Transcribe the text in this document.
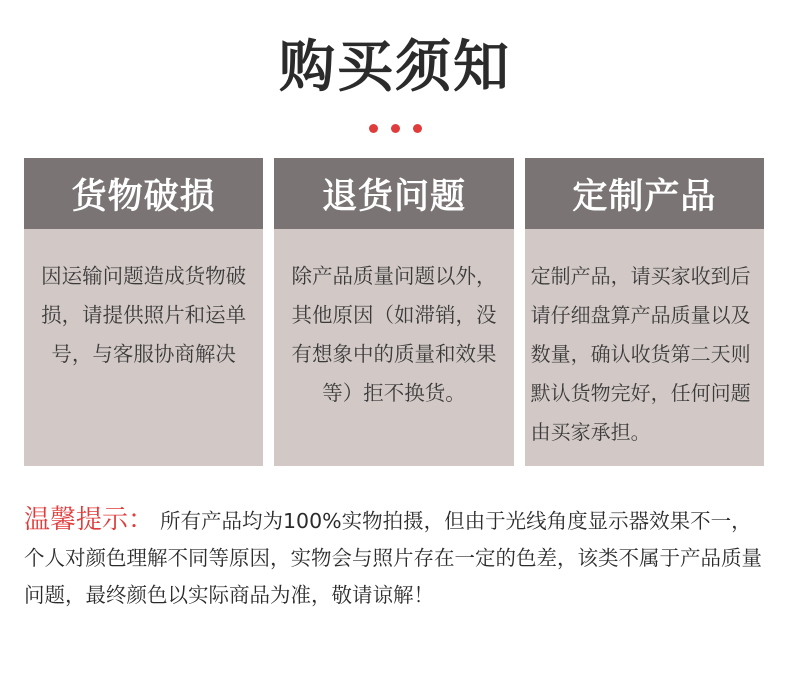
购买须知
货物破损
因运输问题造成货物破损，请提供照片和运单号，与客服协商解决
退货问题
除产品质量问题以外，其他原因（如滞销，没有想象中的质量和效果等）拒不换货。
定制产品
定制产品，请买家收到后请仔细盘算产品质量以及数量，确认收货第二天则默认货物完好，任何问题由买家承担。
温馨提示： 所有产品均为100%实物拍摄，但由于光线角度显示器效果不一，个人对颜色理解不同等原因，实物会与照片存在一定的色差，该类不属于产品质量问题，最终颜色以实际商品为准，敬请谅解！
